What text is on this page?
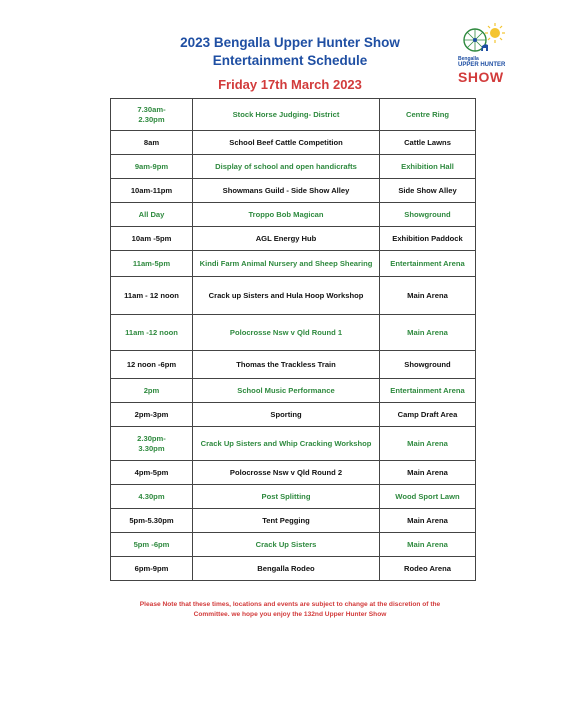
2023 Bengalla Upper Hunter Show
Entertainment Schedule
Friday 17th March 2023
Bengalla
UPPER HUNTER
SHOW
7.30am-
2.30pm	Stock Horse Judging- District	Centre Ring
8am	School Beef Cattle Competition	Cattle Lawns
9am-9pm	Display of school and open handicrafts	Exhibition Hall
10am-11pm	Showmans Guild - Side Show Alley	Side Show Alley
All Day	Troppo Bob Magican	Showground
10am -5pm	AGL Energy Hub	Exhibition Paddock
11am-5pm	Kindi Farm Animal Nursery and Sheep Shearing	Entertainment Arena
11am - 12 noon	Crack up Sisters and Hula Hoop Workshop	Main Arena
11am -12 noon	Polocrosse Nsw v Qld Round 1	Main Arena
12 noon -6pm	Thomas the Trackless Train	Showground
2pm	School Music Performance	Entertainment Arena
2pm-3pm	Sporting	Camp Draft Area
2.30pm-
3.30pm	Crack Up Sisters and Whip Cracking Workshop	Main Arena
4pm-5pm	Polocrosse Nsw v Qld Round 2	Main Arena
4.30pm	Post Splitting	Wood Sport Lawn
5pm-5.30pm	Tent Pegging	Main Arena
5pm -6pm	Crack Up Sisters	Main Arena
6pm-9pm	Bengalla Rodeo	Rodeo Arena
Please Note that these times, locations and events are subject to change at the discretion of the
Committee. we hope you enjoy the 132nd Upper Hunter Show
